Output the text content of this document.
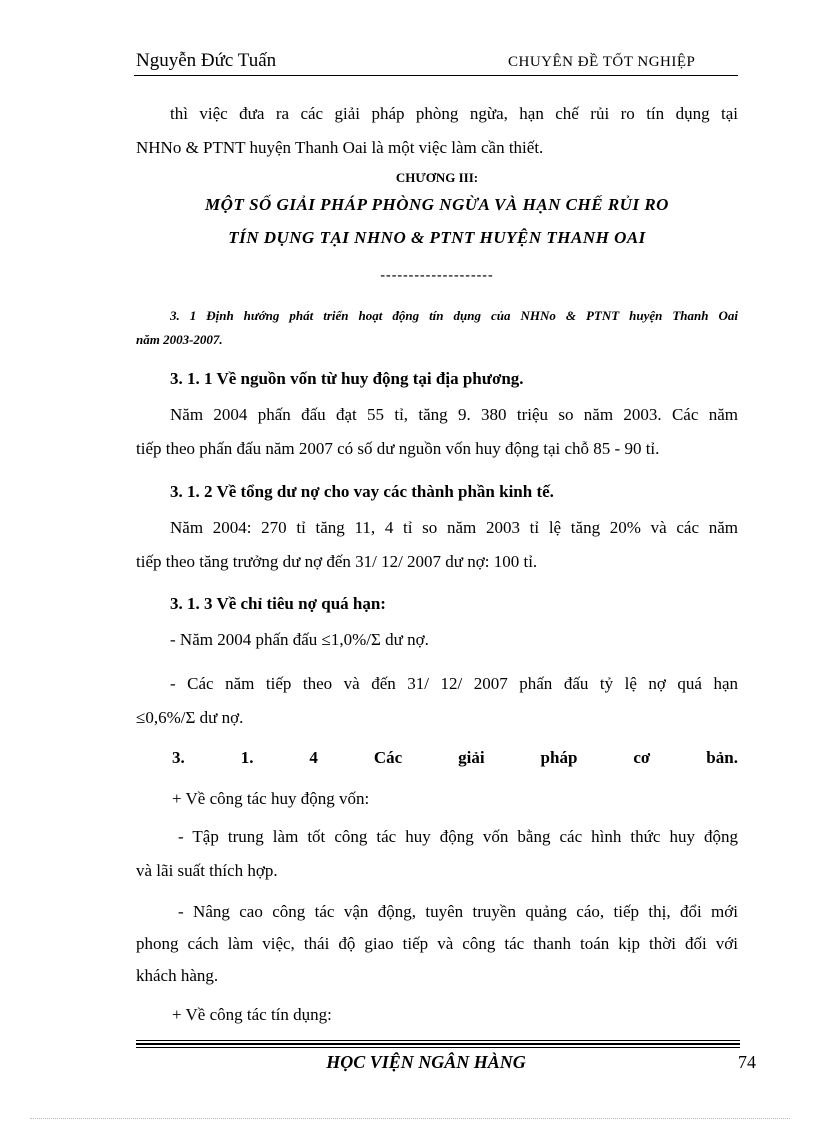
Nguyễn Đức Tuấn	CHUYÊN ĐỀ TỐT NGHIỆP
thì việc đưa ra các giải pháp phòng ngừa, hạn chế rủi ro tín dụng tại
NHNo & PTNT huyện Thanh Oai là một việc làm cần thiết.
CHƯƠNG III:
MỘT SỐ GIẢI PHÁP PHÒNG NGỪA VÀ HẠN CHẾ RỦI RO
TÍN DỤNG TẠI NHNO & PTNT HUYỆN THANH OAI
--------------------
3. 1 Định hướng phát triển hoạt động tín dụng của NHNo & PTNT huyện Thanh Oai
năm 2003-2007.
3. 1. 1 Về nguồn vốn từ huy động tại địa phương.
Năm 2004 phấn đấu đạt 55 tỉ, tăng 9. 380 triệu so năm 2003. Các năm
tiếp theo phấn đấu năm 2007 có số dư nguồn vốn huy động tại chỗ 85 - 90 tỉ.
3. 1. 2 Về tổng dư nợ cho vay các thành phần kinh tế.
Năm 2004: 270 tỉ tăng 11, 4 tỉ so năm 2003 tỉ lệ tăng 20% và các năm
tiếp theo tăng trưởng dư nợ đến 31/ 12/ 2007 dư nợ: 100 tỉ.
3. 1. 3 Về chỉ tiêu nợ quá hạn:
- Năm 2004 phấn đấu ≤1,0%/Σ dư nợ.
- Các năm tiếp theo và đến 31/ 12/ 2007 phấn đấu tỷ lệ nợ quá hạn
≤0,6%/Σ dư nợ.
3.	1.	4	Các	giải	pháp	cơ	bản.
+ Về công tác huy động vốn:
- Tập trung làm tốt công tác huy động vốn bằng các hình thức huy động
và lãi suất thích hợp.
- Nâng cao công tác vận động, tuyên truyền quảng cáo, tiếp thị, đổi mới
phong cách làm việc, thái độ giao tiếp và công tác thanh toán kịp thời đối với
khách hàng.
+ Về công tác tín dụng:
HỌC VIỆN NGÂN HÀNG	74
